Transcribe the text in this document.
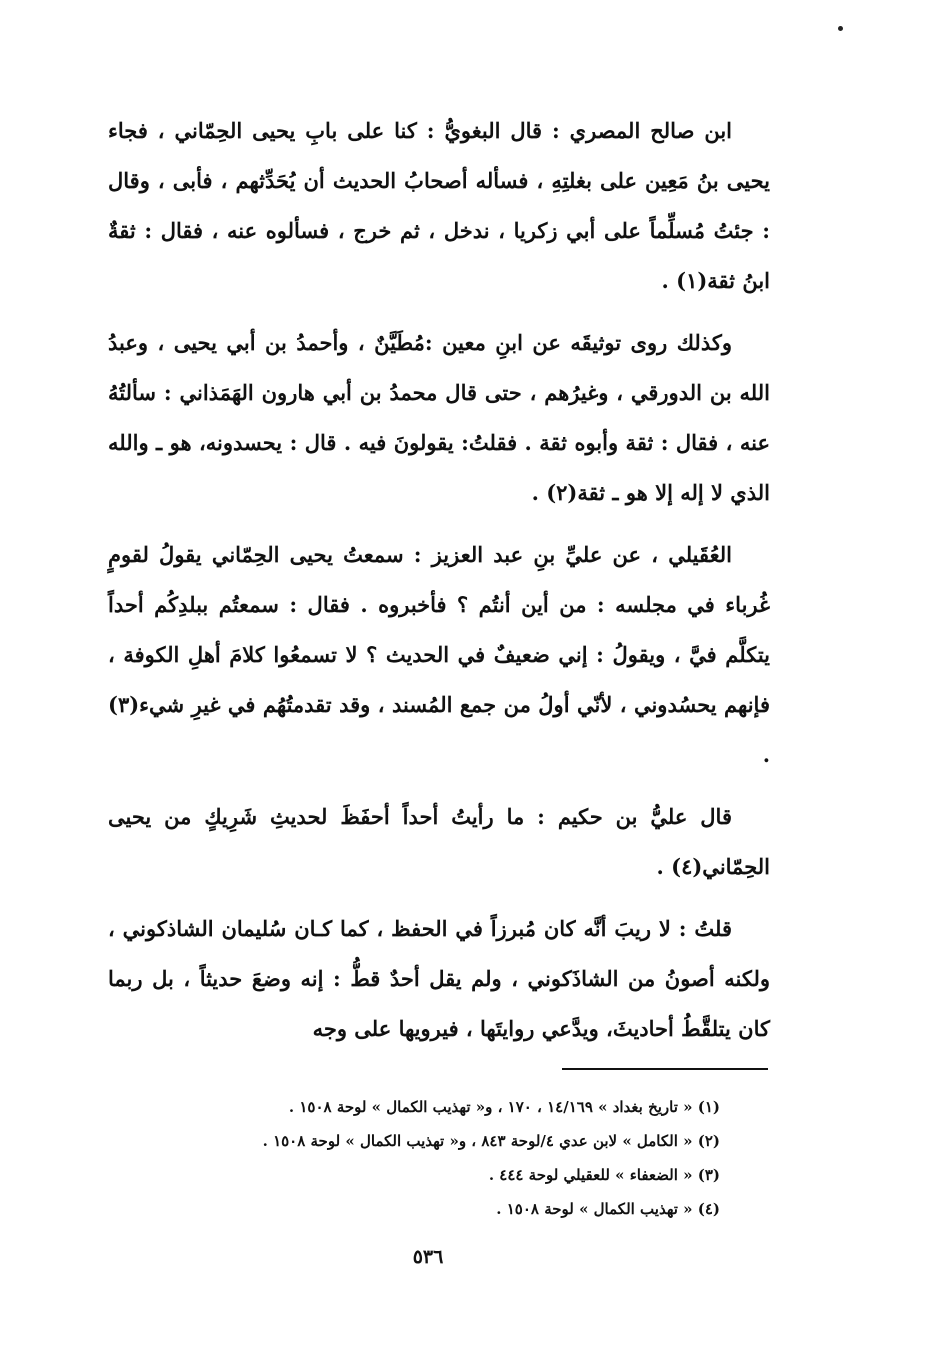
ابن صالح المصري : قال البغويُّ : كنا على بابِ يحيى الحِمّاني ، فجاء يحيى بنُ مَعِين على بغلتِهِ ، فسأله أصحابُ الحديث أن يُحَدِّثهم ، فأبى ، وقال : جئتُ مُسلِّماً على أبي زكريا ، ندخل ، ثم خرج ، فسألوه عنه ، فقال : ثقةٌ ابنُ ثقة(١) .

وكذلك روى توثيقَه عن ابنِ معين :مُطَيَّنٌ ، وأحمدُ بن أبي يحيى ، وعبدُ الله بن الدورقي ، وغيرُهم ، حتى قال محمدُ بن أبي هارون الهَمَذاني : سألتُهُ عنه ، فقال : ثقة وأبوه ثقة . فقلتُ: يقولونَ فيه . قال : يحسدونه، هو ـ والله الذي لا إله إلا هو ـ ثقة(٢) .

العُقَيلي ، عن عليِّ بنِ عبد العزيز : سمعتُ يحيى الحِمّاني يقولُ لقومٍ غُرباء في مجلسه : من أين أنتُم ؟ فأخبروه . فقال : سمعتُم ببلدِكُم أحداً يتكلَّم فيَّ ، ويقولُ : إني ضعيفٌ في الحديث ؟ لا تسمعُوا كلامَ أهلِ الكوفة ، فإنهم يحسُدوني ، لأنّي أولُ من جمع المُسند ، وقد تقدمتُهُم في غيرِ شيء(٣) .

قال عليُّ بن حكيم : ما رأيتُ أحداً أحفَظَ لحديثِ شَرِيكٍ من يحيى الحِمّاني(٤) .

قلتُ : لا ريبَ أنَّه كان مُبرزاً في الحفظ ، كما كـان سُليمان الشاذكوني ، ولكنه أصونُ من الشاذَكوني ، ولم يقل أحدٌ قطُّ : إنه وضعَ حديثاً ، بل ربما كان يتلقَّطُ أحاديثَ، ويدَّعي روايتَها ، فيرويها على وجه

(١) « تاريخ بغداد » ١٤/١٦٩ ، ١٧٠ ، و« تهذيب الكمال » لوحة ١٥٠٨ .
(٢) « الكامل » لابن عدي ٤/لوحة ٨٤٣ ، و« تهذيب الكمال » لوحة ١٥٠٨ .
(٣) « الضعفاء » للعقيلي لوحة ٤٤٤ .
(٤) « تهذيب الكمال » لوحة ١٥٠٨ .
٥٣٦
